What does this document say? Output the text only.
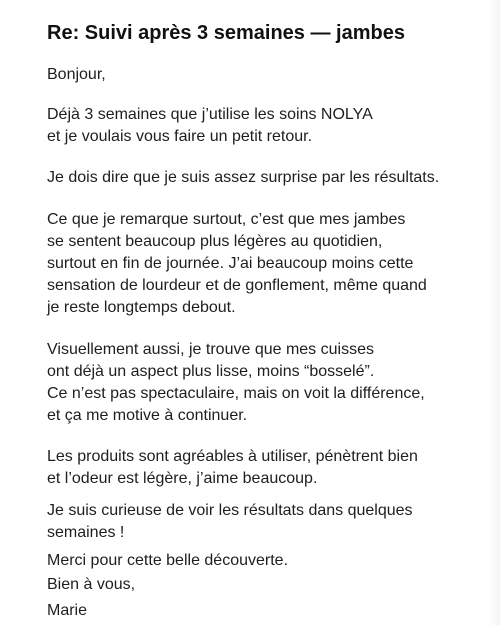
Re: Suivi après 3 semaines — jambes

Bonjour,

Déjà 3 semaines que j’utilise les soins NOLYA

et je voulais vous faire un petit retour.

Je dois dire que je suis assez surprise par les résultats.

Ce que je remarque surtout, c’est que mes jambes

se sentent beaucoup plus légères au quotidien,

surtout en fin de journée. J’ai beaucoup moins cette

sensation de lourdeur et de gonflement, même quand

je reste longtemps debout.

Visuellement aussi, je trouve que mes cuisses

ont déjà un aspect plus lisse, moins “bosselé”.

Ce n’est pas spectaculaire, mais on voit la différence,

et ça me motive à continuer.

Les produits sont agréables à utiliser, pénètrent bien

et l’odeur est légère, j’aime beaucoup.

Je suis curieuse de voir les résultats dans quelques

semaines !

Merci pour cette belle découverte.

Bien à vous,

Marie
